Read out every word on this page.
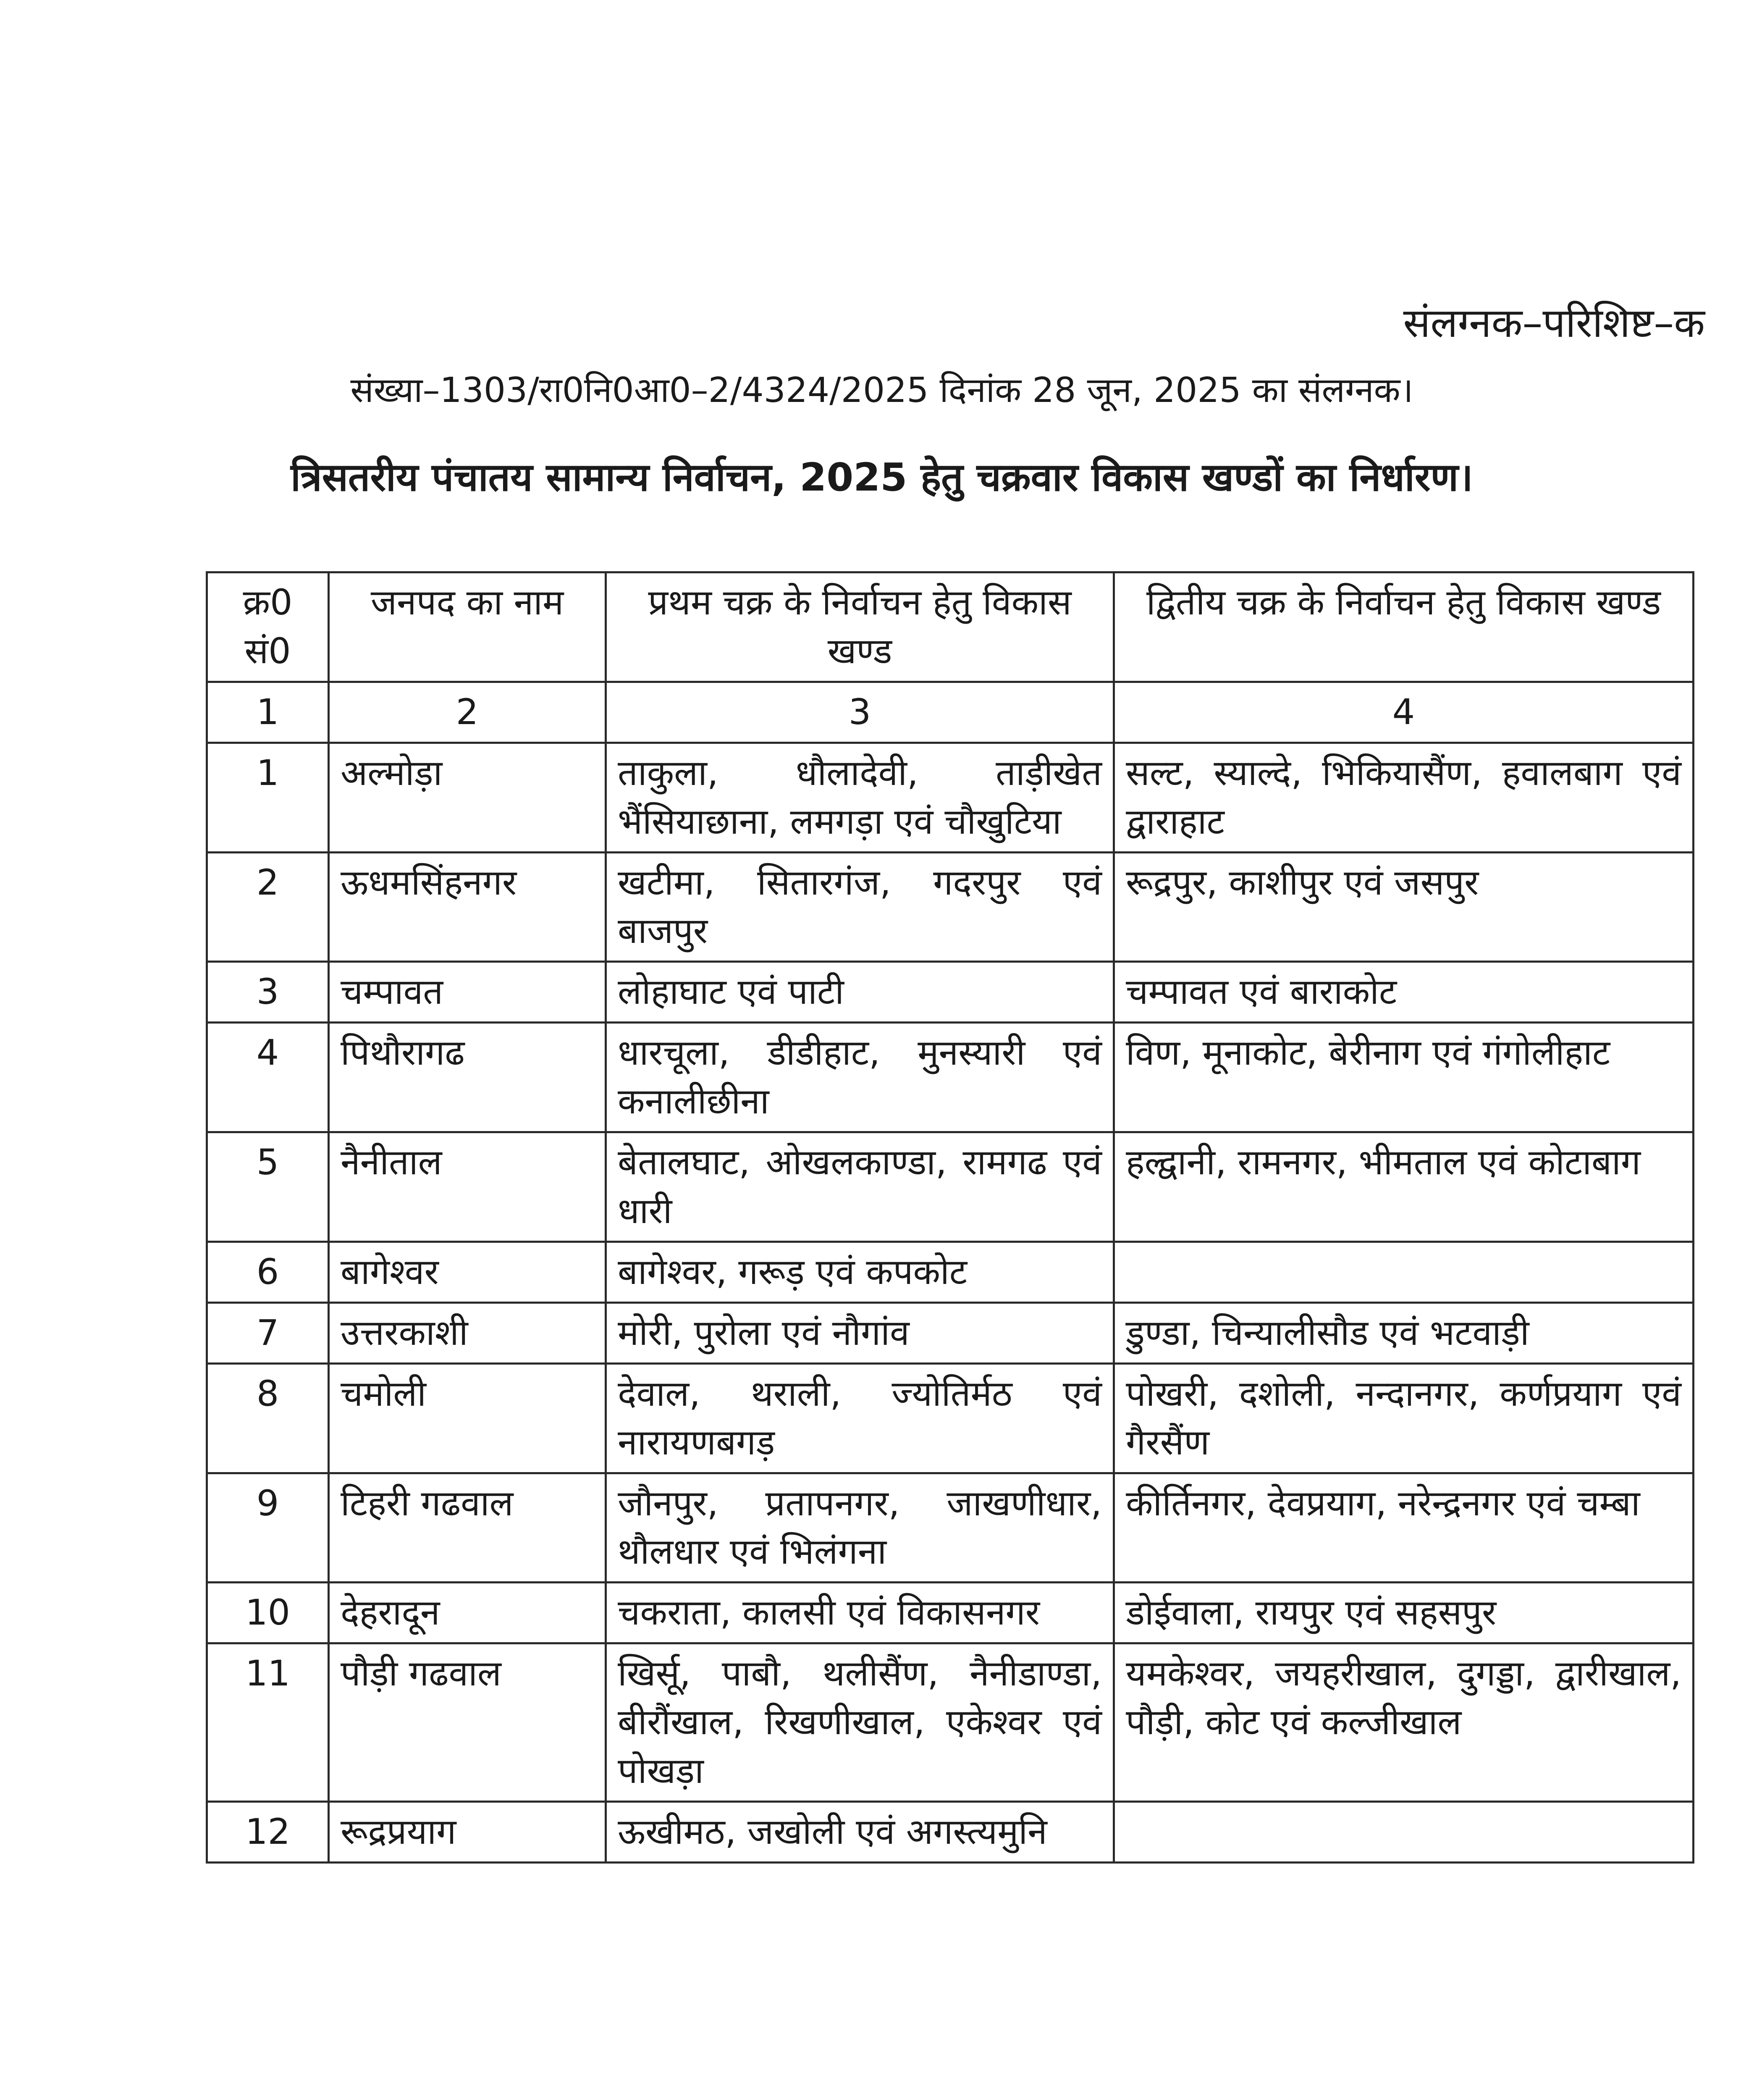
संलग्नक–परिशिष्ट–क
संख्या–1303/रा0नि0आ0–2/4324/2025 दिनांक 28 जून, 2025 का संलग्नक।
त्रिसतरीय पंचातय सामान्य निर्वाचन, 2025 हेतु चक्रवार विकास खण्डों का निर्धारण।
क्र0 सं0	जनपद का नाम	प्रथम चक्र के निर्वाचन हेतु विकास खण्ड	द्वितीय चक्र के निर्वाचन हेतु विकास खण्ड
1	2	3	4
1	अल्मोड़ा	ताकुला, धौलादेवी, ताड़ीखेत भैंसियाछाना, लमगड़ा एवं चौखुटिया	सल्ट, स्याल्दे, भिकियासैंण, हवालबाग एवं द्वाराहाट
2	ऊधमसिंहनगर	खटीमा, सितारगंज, गदरपुर एवं बाजपुर	रूद्रपुर, काशीपुर एवं जसपुर
3	चम्पावत	लोहाघाट एवं पाटी	चम्पावत एवं बाराकोट
4	पिथौरागढ	धारचूला, डीडीहाट, मुनस्यारी एवं कनालीछीना	विण, मूनाकोट, बेरीनाग एवं गंगोलीहाट
5	नैनीताल	बेतालघाट, ओखलकाण्डा, रामगढ एवं धारी	हल्द्वानी, रामनगर, भीमताल एवं कोटाबाग
6	बागेश्वर	बागेश्वर, गरूड़ एवं कपकोट	
7	उत्तरकाशी	मोरी, पुरोला एवं नौगांव	डुण्डा, चिन्यालीसौड एवं भटवाड़ी
8	चमोली	देवाल, थराली, ज्योतिर्मठ एवं नारायणबगड़	पोखरी, दशोली, नन्दानगर, कर्णप्रयाग एवं गैरसैंण
9	टिहरी गढवाल	जौनपुर, प्रतापनगर, जाखणीधार, थौलधार एवं भिलंगना	कीर्तिनगर, देवप्रयाग, नरेन्द्रनगर एवं चम्बा
10	देहरादून	चकराता, कालसी एवं विकासनगर	डोईवाला, रायपुर एवं सहसपुर
11	पौड़ी गढवाल	खिर्सू, पाबौ, थलीसैंण, नैनीडाण्डा, बीरौंखाल, रिखणीखाल, एकेश्वर एवं पोखड़ा	यमकेश्वर, जयहरीखाल, दुगड्डा, द्वारीखाल, पौड़ी, कोट एवं कल्जीखाल
12	रूद्रप्रयाग	ऊखीमठ, जखोली एवं अगस्त्यमुनि	
